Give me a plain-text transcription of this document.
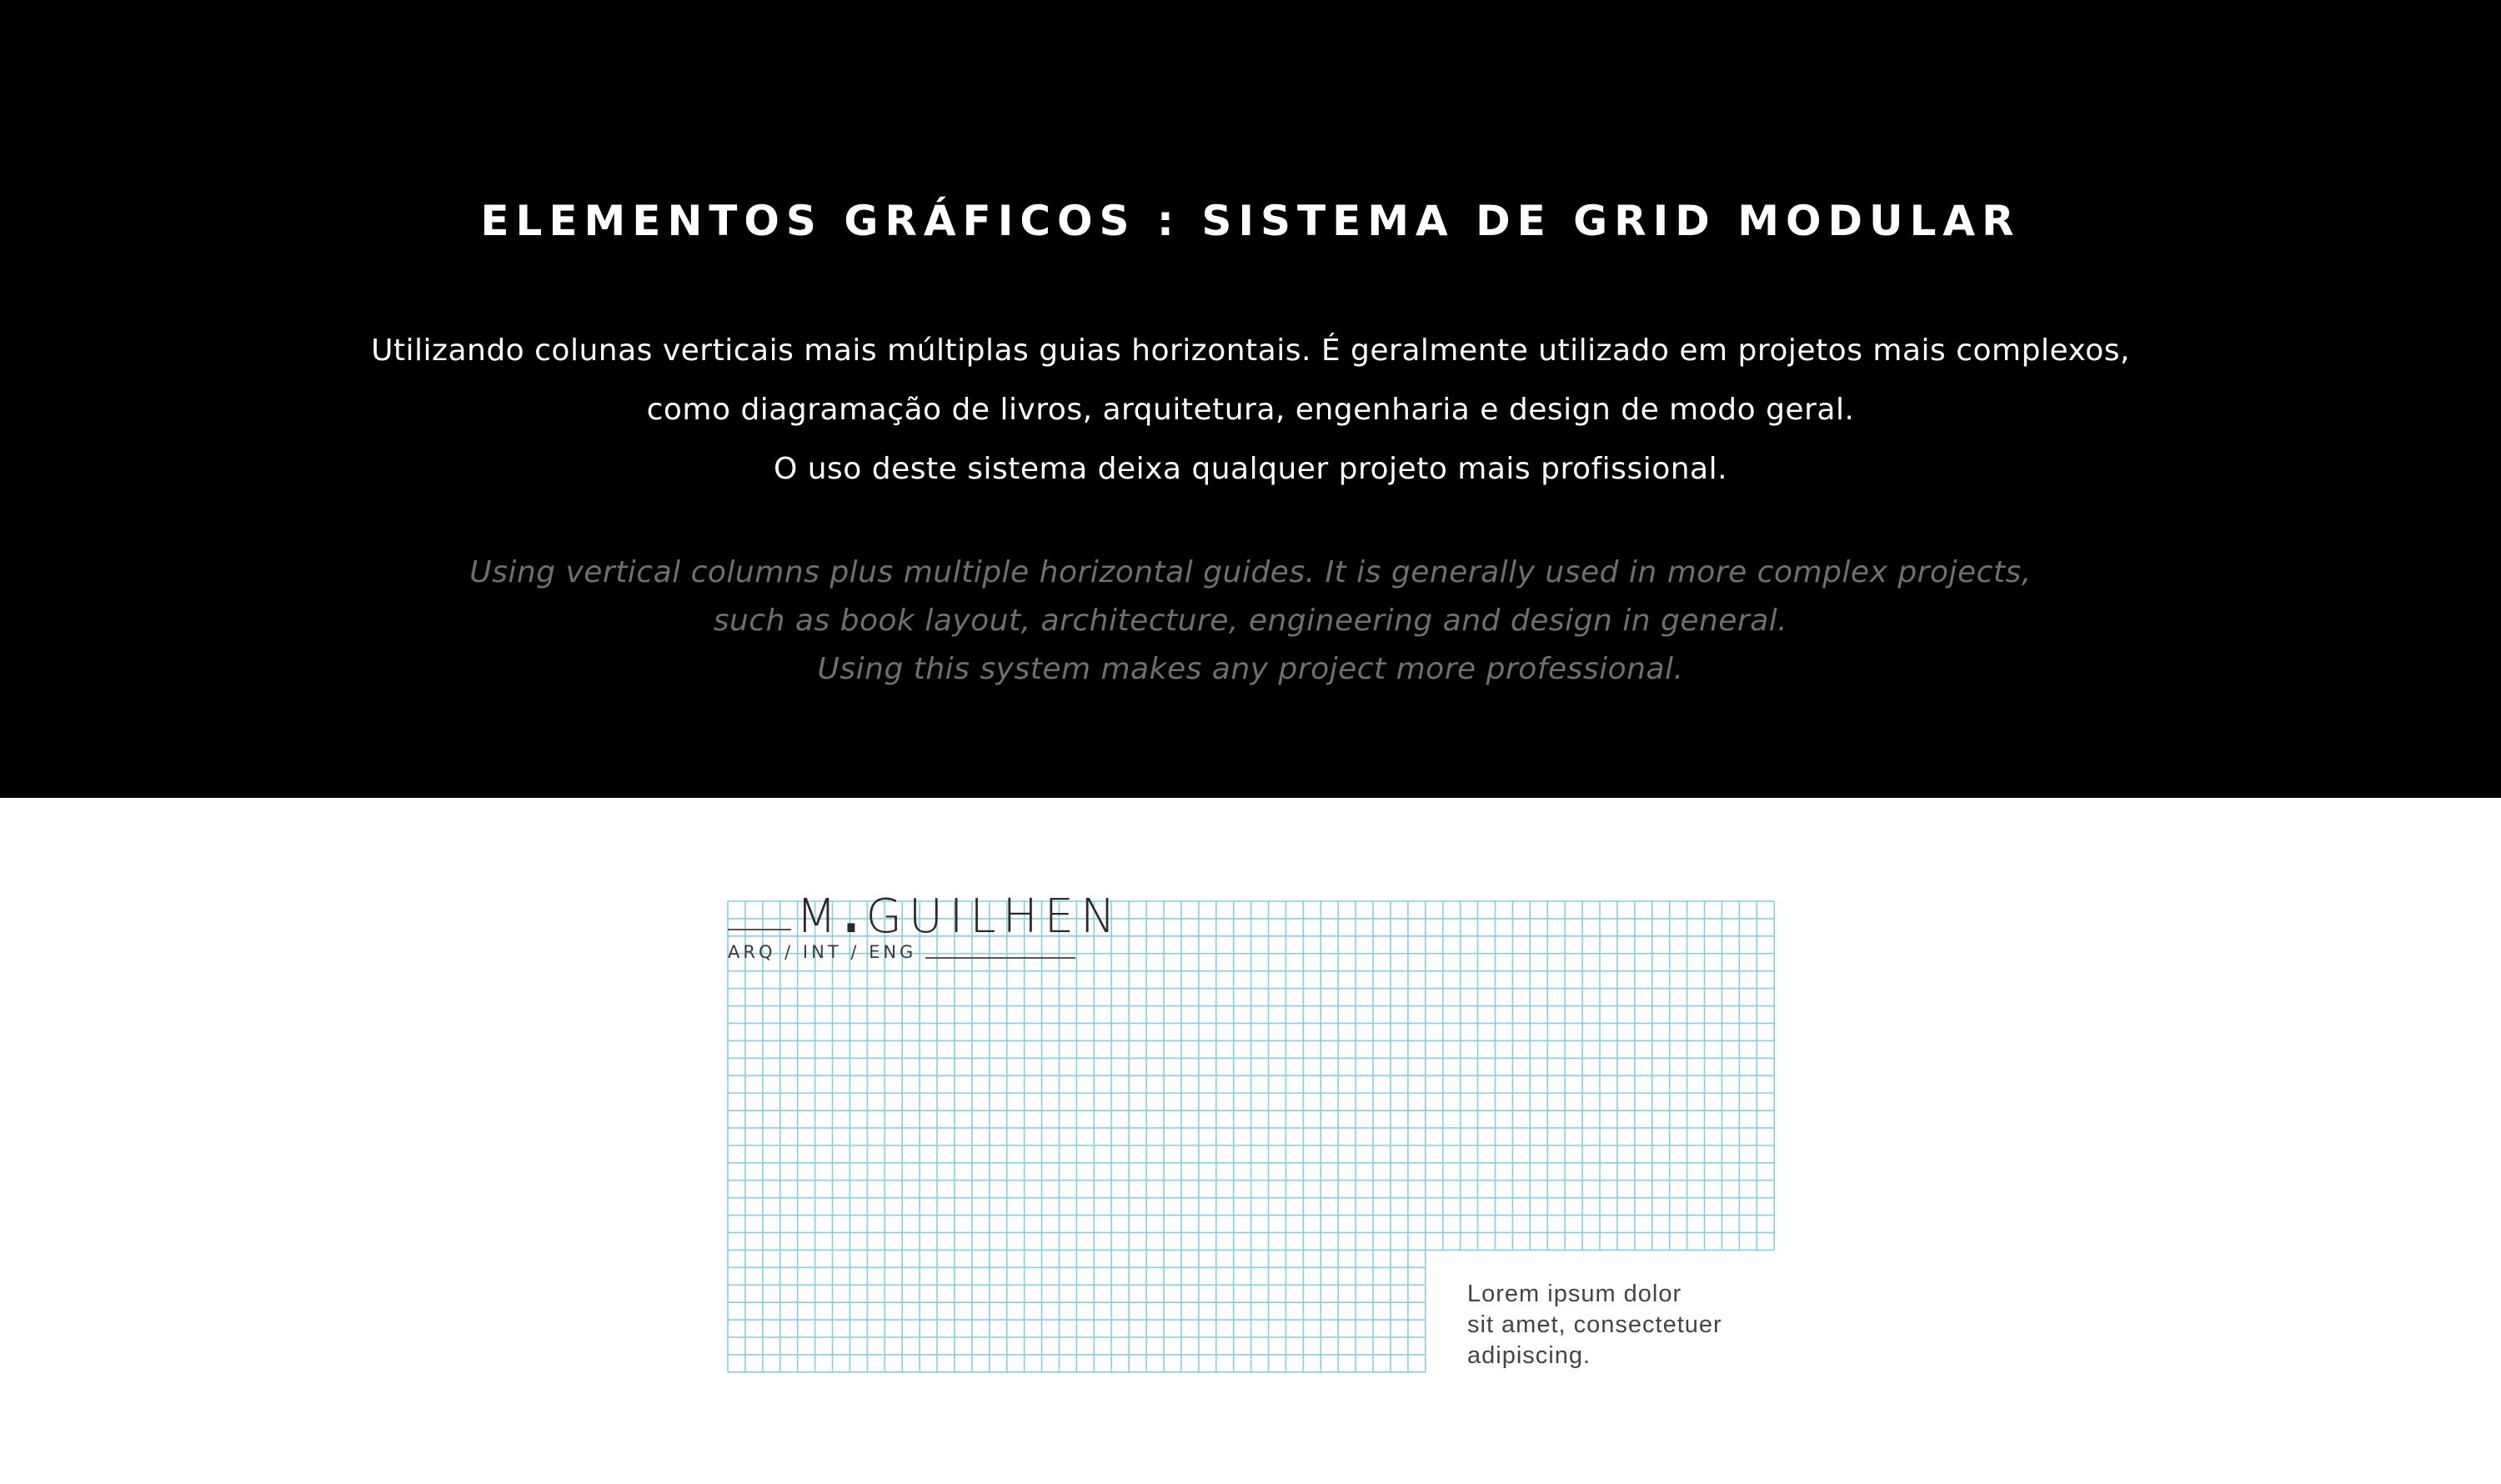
ELEMENTOS GRÁFICOS : SISTEMA DE GRID MODULAR
Utilizando colunas verticais mais múltiplas guias horizontais. É geralmente utilizado em projetos mais complexos,
como diagramação de livros, arquitetura, engenharia e design de modo geral.
O uso deste sistema deixa qualquer projeto mais profissional.
Using vertical columns plus multiple horizontal guides. It is generally used in more complex projects,
such as book layout, architecture, engineering and design in general.
Using this system makes any project more professional.
M.GUILHEN
ARQ / INT / ENG
Lorem ipsum dolor
sit amet, consectetuer
adipiscing.
